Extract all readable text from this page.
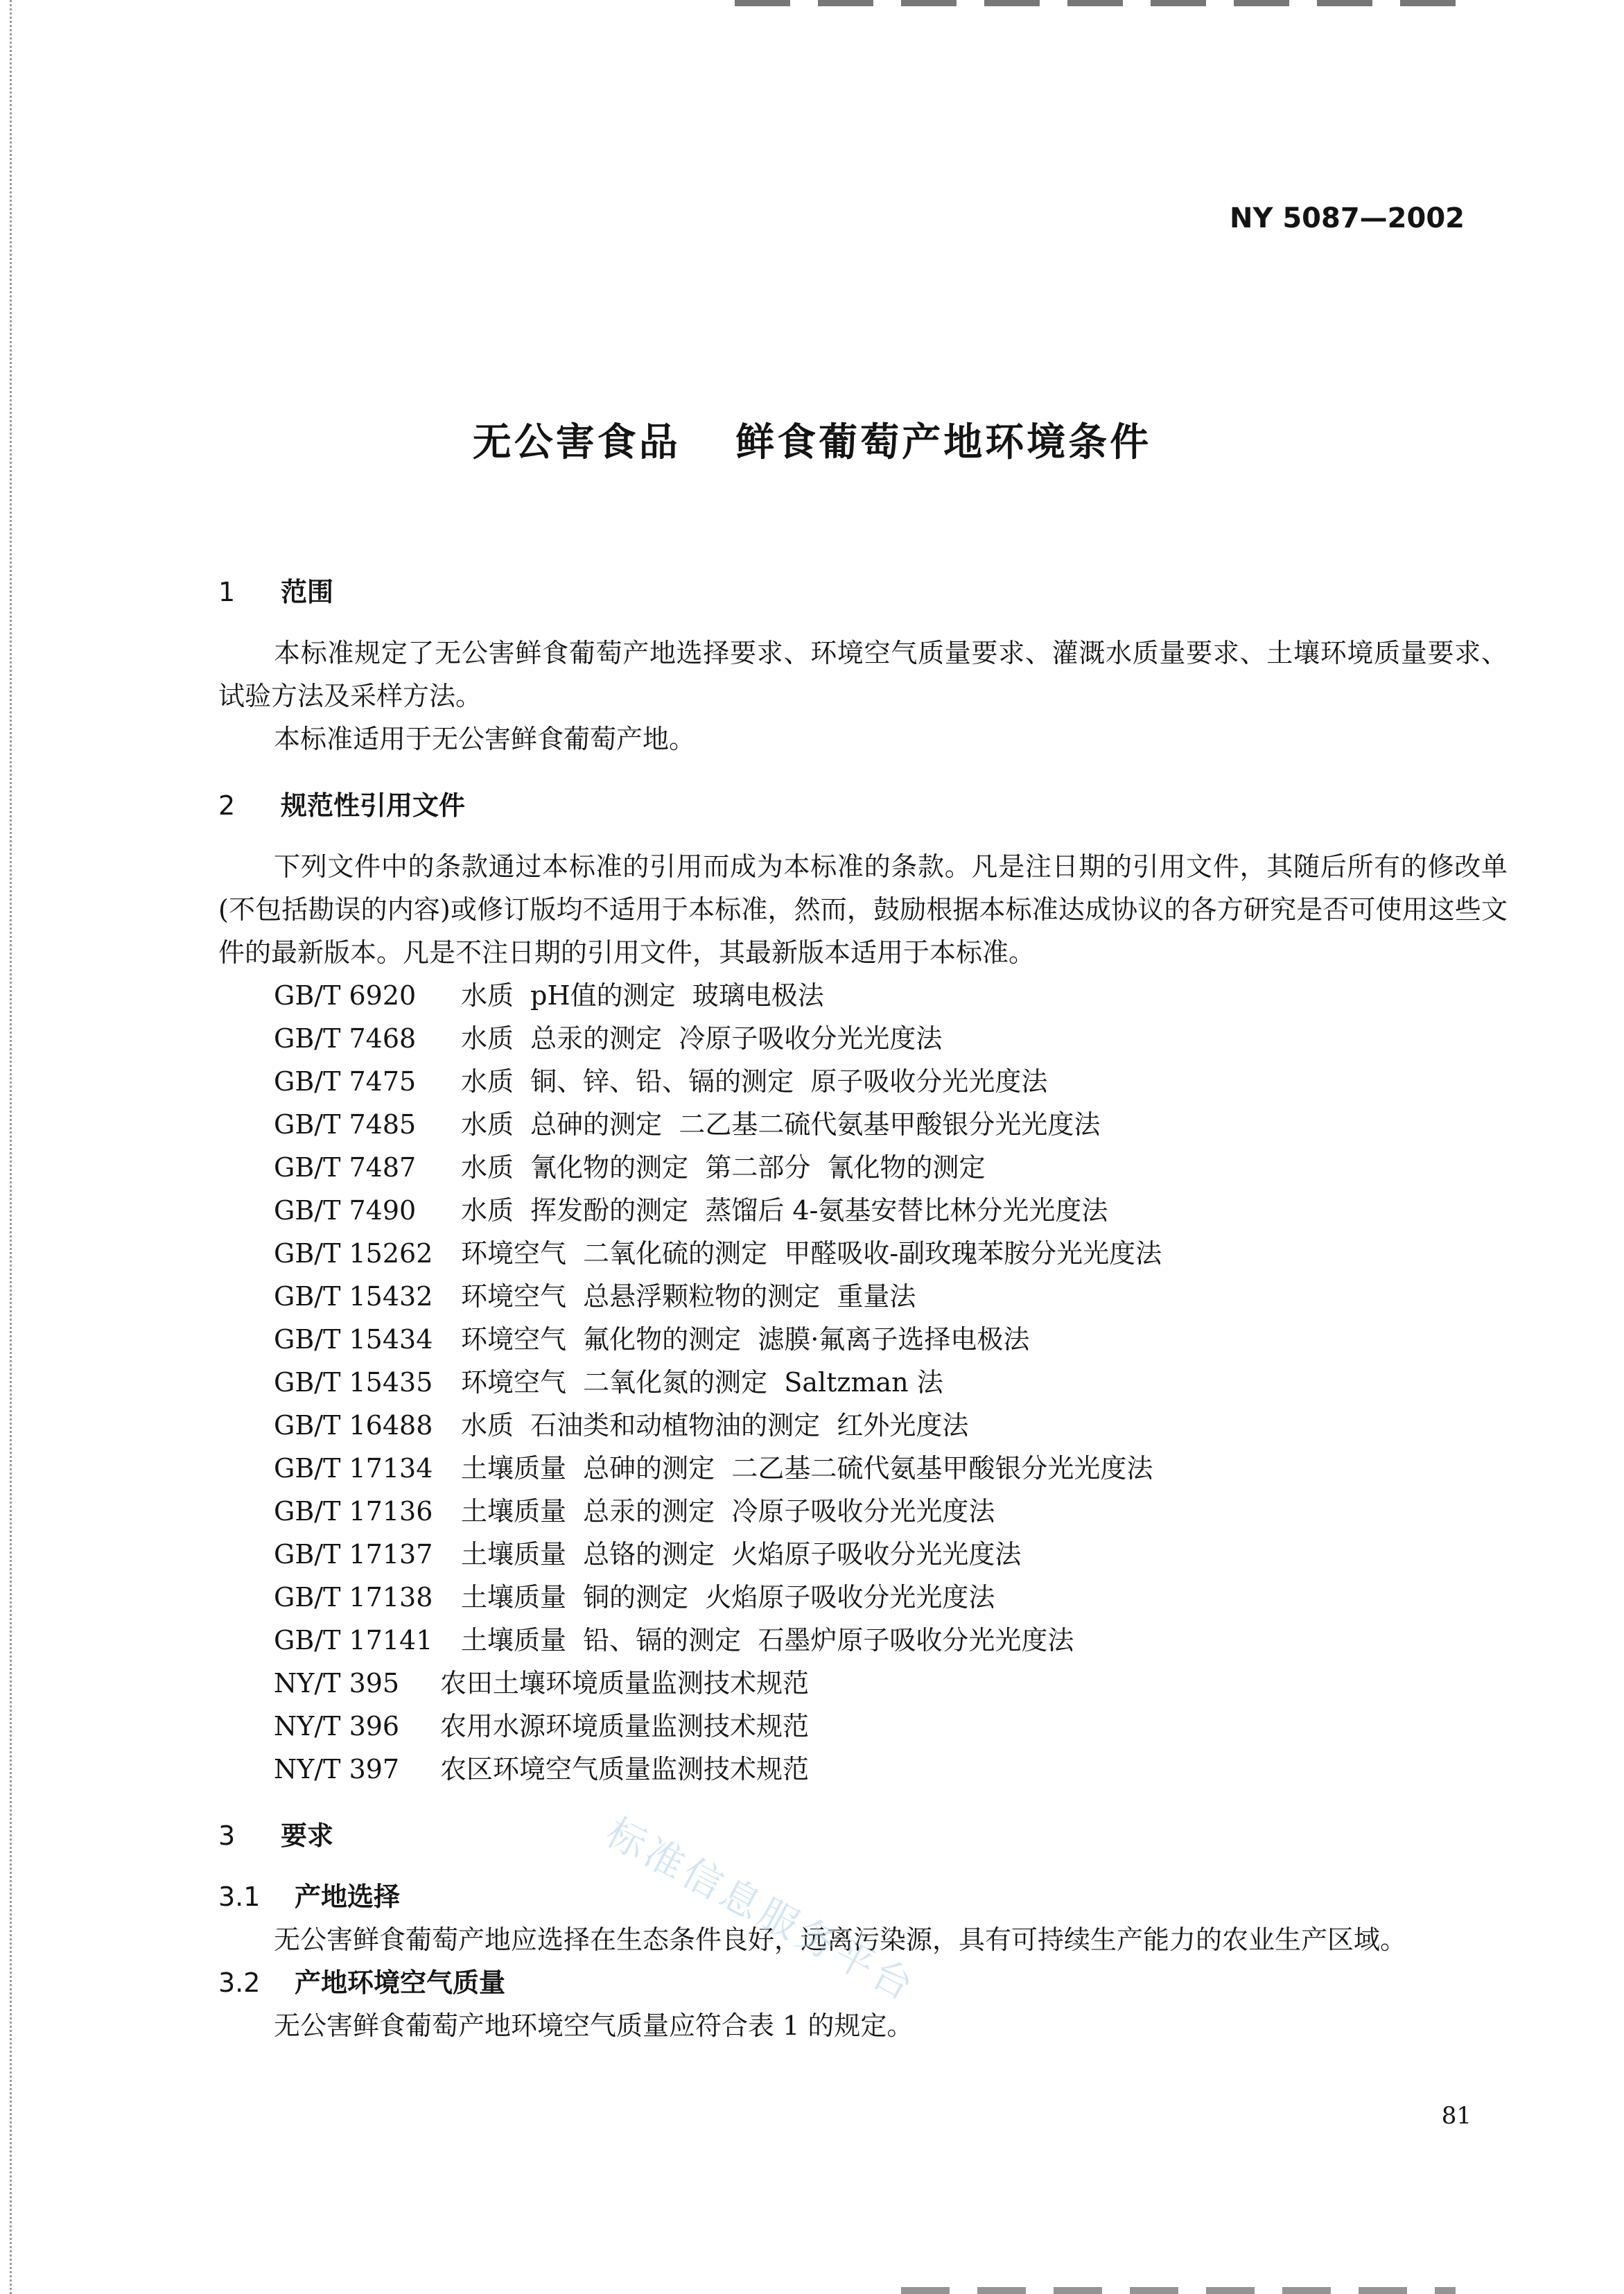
NY 5087—2002
无公害食品 鲜食葡萄产地环境条件
1 范围

本标准规定了无公害鲜食葡萄产地选择要求、环境空气质量要求、灌溉水质量要求、土壤环境质量要求、试验方法及采样方法。

本标准适用于无公害鲜食葡萄产地。

2 规范性引用文件

下列文件中的条款通过本标准的引用而成为本标准的条款。凡是注日期的引用文件，其随后所有的修改单(不包括勘误的内容)或修订版均不适用于本标准，然而，鼓励根据本标准达成协议的各方研究是否可使用这些文件的最新版本。凡是不注日期的引用文件，其最新版本适用于本标准。

GB/T 6920 水质  pH值的测定  玻璃电极法
GB/T 7468 水质  总汞的测定  冷原子吸收分光光度法
GB/T 7475 水质  铜、锌、铅、镉的测定  原子吸收分光光度法
GB/T 7485 水质  总砷的测定  二乙基二硫代氨基甲酸银分光光度法
GB/T 7487 水质  氰化物的测定  第二部分  氰化物的测定
GB/T 7490 水质  挥发酚的测定  蒸馏后 4-氨基安替比林分光光度法
GB/T 15262 环境空气  二氧化硫的测定  甲醛吸收-副玫瑰苯胺分光光度法
GB/T 15432 环境空气  总悬浮颗粒物的测定  重量法
GB/T 15434 环境空气  氟化物的测定  滤膜·氟离子选择电极法
GB/T 15435 环境空气  二氧化氮的测定  Saltzman 法
GB/T 16488 水质  石油类和动植物油的测定  红外光度法
GB/T 17134 土壤质量  总砷的测定  二乙基二硫代氨基甲酸银分光光度法
GB/T 17136 土壤质量  总汞的测定  冷原子吸收分光光度法
GB/T 17137 土壤质量  总铬的测定  火焰原子吸收分光光度法
GB/T 17138 土壤质量  铜的测定  火焰原子吸收分光光度法
GB/T 17141 土壤质量  铅、镉的测定  石墨炉原子吸收分光光度法
NY/T 395 农田土壤环境质量监测技术规范
NY/T 396 农用水源环境质量监测技术规范
NY/T 397 农区环境空气质量监测技术规范
3 要求
3.1 产地选择

无公害鲜食葡萄产地应选择在生态条件良好，远离污染源，具有可持续生产能力的农业生产区域。

3.2 产地环境空气质量

无公害鲜食葡萄产地环境空气质量应符合表 1 的规定。

标准信息服务平台
81
